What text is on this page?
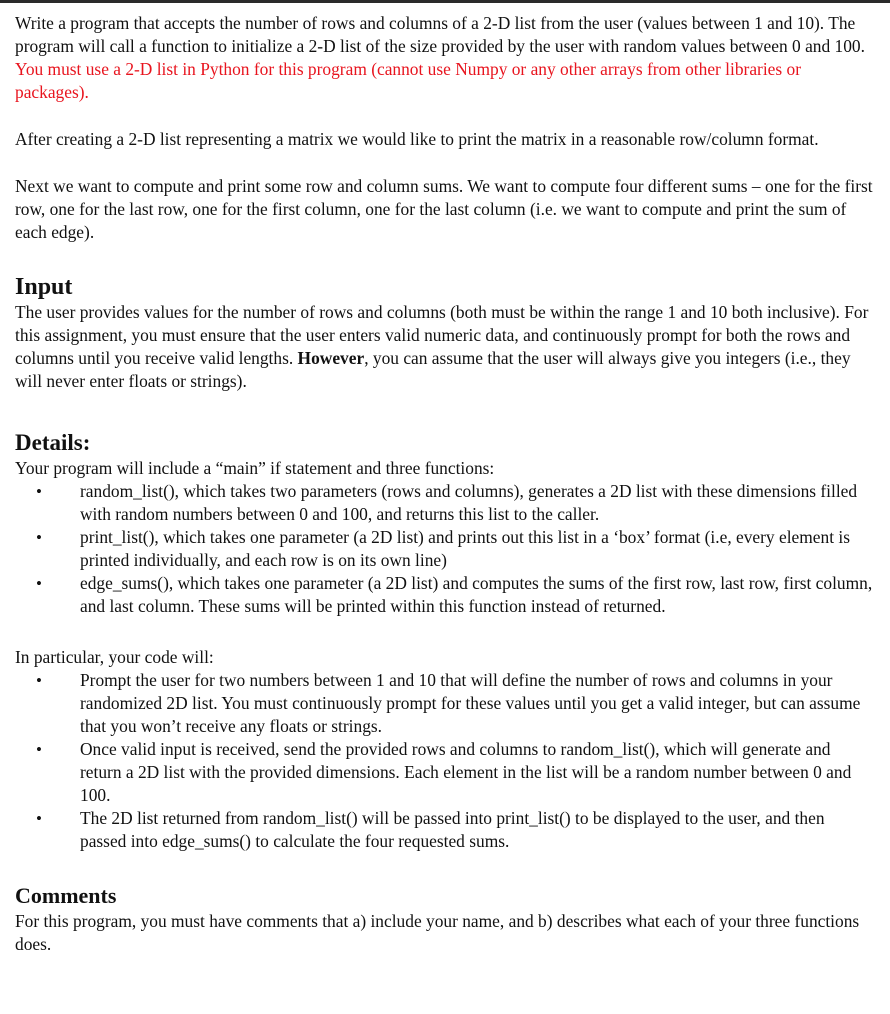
Write a program that accepts the number of rows and columns of a 2-D list from the user (values between 1 and 10). The program will call a function to initialize a 2-D list of the size provided by the user with random values between 0 and 100. You must use a 2-D list in Python for this program (cannot use Numpy or any other arrays from other libraries or packages).

After creating a 2-D list representing a matrix we would like to print the matrix in a reasonable row/column format.

Next we want to compute and print some row and column sums. We want to compute four different sums – one for the first row, one for the last row, one for the first column, one for the last column (i.e. we want to compute and print the sum of each edge).

Input

The user provides values for the number of rows and columns (both must be within the range 1 and 10 both inclusive). For this assignment, you must ensure that the user enters valid numeric data, and continuously prompt for both the rows and columns until you receive valid lengths. However, you can assume that the user will always give you integers (i.e., they will never enter floats or strings).

Details:

Your program will include a “main” if statement and three functions:

• random_list(), which takes two parameters (rows and columns), generates a 2D list with these dimensions filled with random numbers between 0 and 100, and returns this list to the caller.
• print_list(), which takes one parameter (a 2D list) and prints out this list in a ‘box’ format (i.e, every element is printed individually, and each row is on its own line)
• edge_sums(), which takes one parameter (a 2D list) and computes the sums of the first row, last row, first column, and last column. These sums will be printed within this function instead of returned.

In particular, your code will:

• Prompt the user for two numbers between 1 and 10 that will define the number of rows and columns in your randomized 2D list. You must continuously prompt for these values until you get a valid integer, but can assume that you won’t receive any floats or strings.
• Once valid input is received, send the provided rows and columns to random_list(), which will generate and return a 2D list with the provided dimensions. Each element in the list will be a random number between 0 and 100.
• The 2D list returned from random_list() will be passed into print_list() to be displayed to the user, and then passed into edge_sums() to calculate the four requested sums.
Comments

For this program, you must have comments that a) include your name, and b) describes what each of your three functions does.
